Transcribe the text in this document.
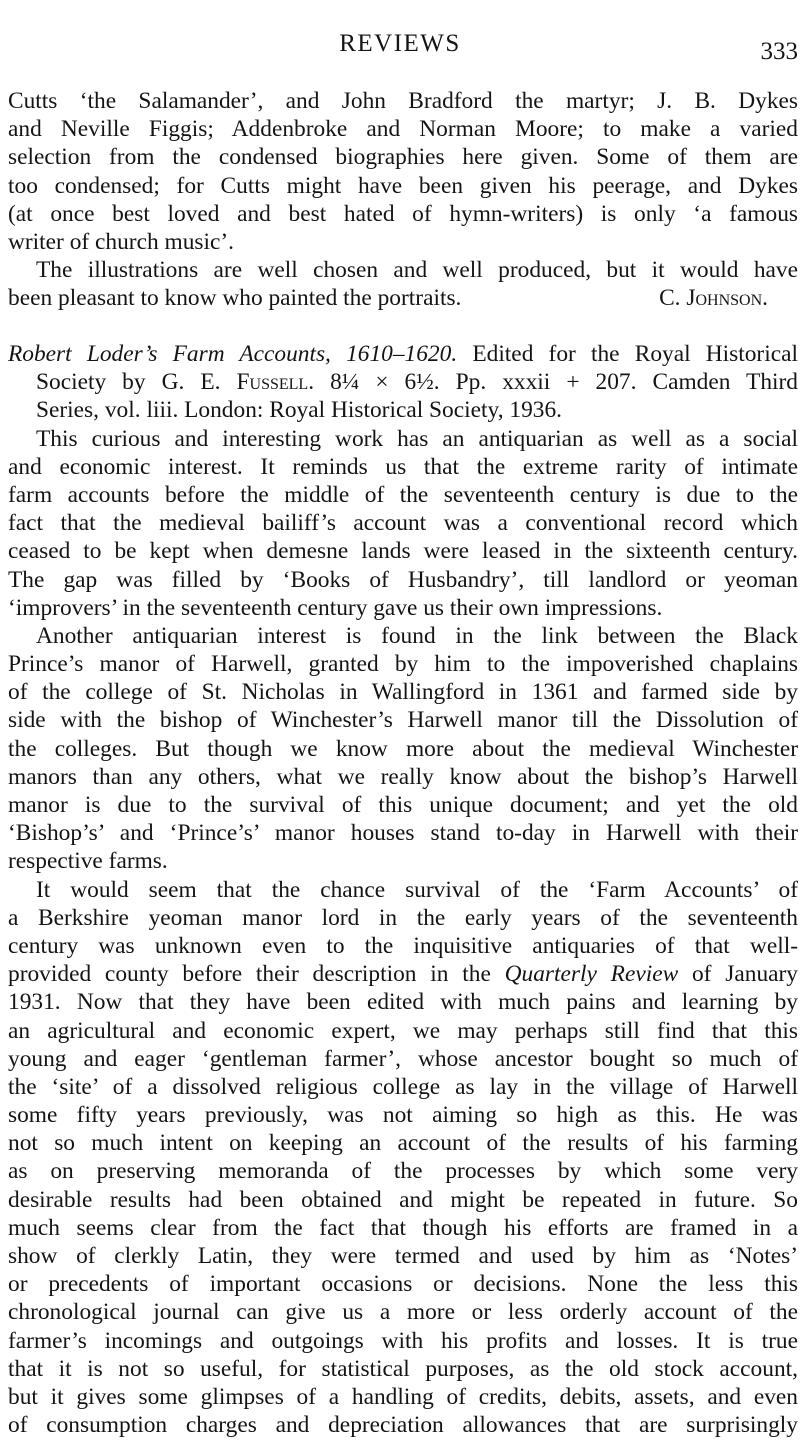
REVIEWS	333
Cutts ‘the Salamander’, and John Bradford the martyr; J. B. Dykes
and Neville Figgis; Addenbroke and Norman Moore; to make a varied
selection from the condensed biographies here given. Some of them are
too condensed; for Cutts might have been given his peerage, and Dykes
(at once best loved and best hated of hymn-writers) is only ‘a famous
writer of church music’.
The illustrations are well chosen and well produced, but it would have
been pleasant to know who painted the portraits.	C. Johnson.
Robert Loder’s Farm Accounts, 1610–1620. Edited for the Royal Historical
Society by G. E. Fussell. 8¼ × 6½. Pp. xxxii + 207. Camden Third
Series, vol. liii. London: Royal Historical Society, 1936.
This curious and interesting work has an antiquarian as well as a social
and economic interest. It reminds us that the extreme rarity of intimate
farm accounts before the middle of the seventeenth century is due to the
fact that the medieval bailiff’s account was a conventional record which
ceased to be kept when demesne lands were leased in the sixteenth century.
The gap was filled by ‘Books of Husbandry’, till landlord or yeoman
‘improvers’ in the seventeenth century gave us their own impressions.
Another antiquarian interest is found in the link between the Black
Prince’s manor of Harwell, granted by him to the impoverished chaplains
of the college of St. Nicholas in Wallingford in 1361 and farmed side by
side with the bishop of Winchester’s Harwell manor till the Dissolution of
the colleges. But though we know more about the medieval Winchester
manors than any others, what we really know about the bishop’s Harwell
manor is due to the survival of this unique document; and yet the old
‘Bishop’s’ and ‘Prince’s’ manor houses stand to-day in Harwell with their
respective farms.
It would seem that the chance survival of the ‘Farm Accounts’ of
a Berkshire yeoman manor lord in the early years of the seventeenth
century was unknown even to the inquisitive antiquaries of that well-
provided county before their description in the Quarterly Review of January
1931. Now that they have been edited with much pains and learning by
an agricultural and economic expert, we may perhaps still find that this
young and eager ‘gentleman farmer’, whose ancestor bought so much of
the ‘site’ of a dissolved religious college as lay in the village of Harwell
some fifty years previously, was not aiming so high as this. He was
not so much intent on keeping an account of the results of his farming
as on preserving memoranda of the processes by which some very
desirable results had been obtained and might be repeated in future. So
much seems clear from the fact that though his efforts are framed in a
show of clerkly Latin, they were termed and used by him as ‘Notes’
or precedents of important occasions or decisions. None the less this
chronological journal can give us a more or less orderly account of the
farmer’s incomings and outgoings with his profits and losses. It is true
that it is not so useful, for statistical purposes, as the old stock account,
but it gives some glimpses of a handling of credits, debits, assets, and even
of consumption charges and depreciation allowances that are surprisingly
